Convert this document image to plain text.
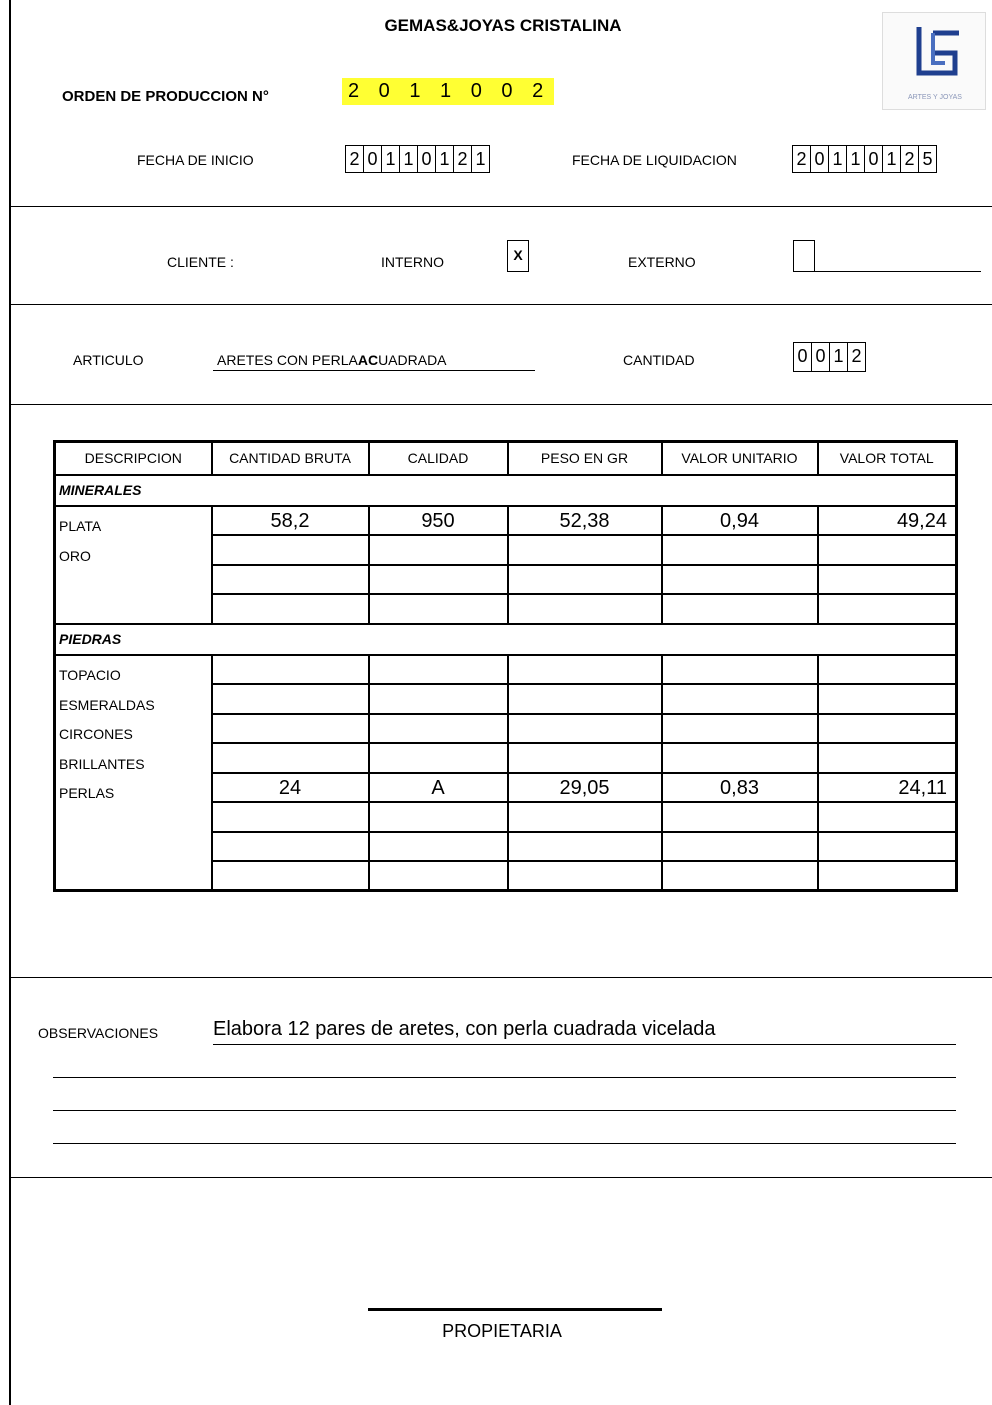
GEMAS&JOYAS CRISTALINA
ARTES Y JOYAS
ORDEN DE PRODUCCION N°	2 0 1 1 0 0 2
FECHA DE INICIO	2 0 1 1 0 1 2 1	FECHA DE LIQUIDACION	2 0 1 1 0 1 2 5
CLIENTE :	INTERNO	X	EXTERNO
ARTICULO	ARETES CON PERLAACUADRADA	CANTIDAD	0 0 1 2
DESCRIPCION	CANTIDAD BRUTA	CALIDAD	PESO EN GR	VALOR UNITARIO	VALOR TOTAL
MINERALES					
PLATA	58,2	950	52,38	0,94	49,24
ORO					

PIEDRAS					
TOPACIO					
ESMERALDAS					
CIRCONES					
BRILLANTES					
PERLAS	24	A	29,05	0,83	24,11

OBSERVACIONES	Elabora 12 pares de aretes, con perla cuadrada vicelada
PROPIETARIA
